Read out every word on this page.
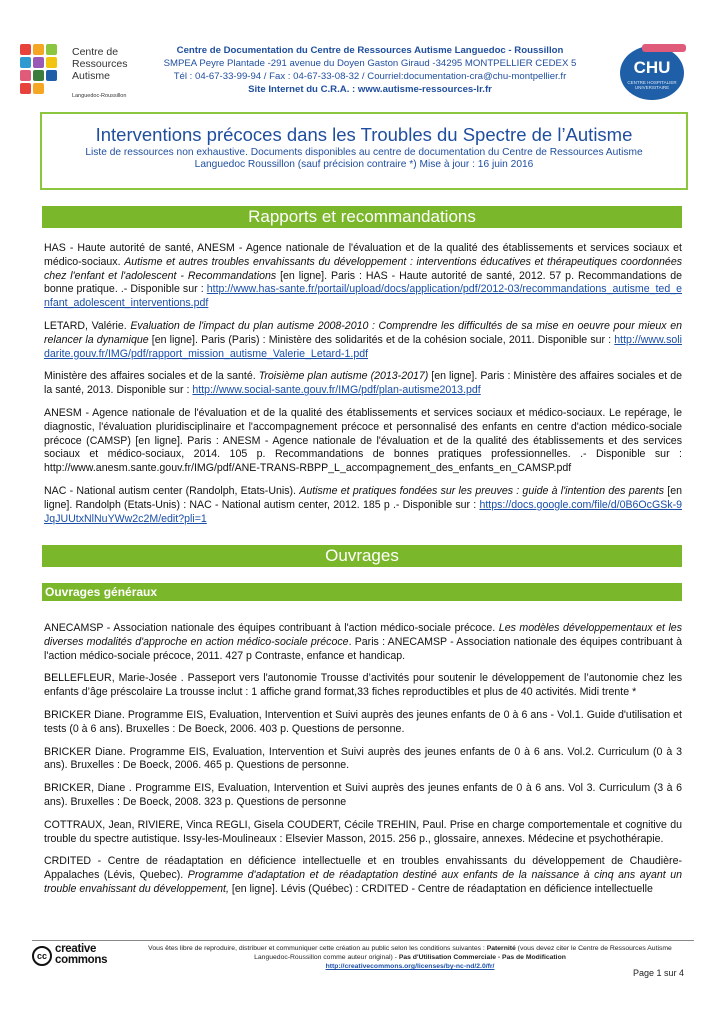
Centre de
Ressources
Autisme
Languedoc-Roussillon
Centre de Documentation du Centre de Ressources Autisme Languedoc - Roussillon
SMPEA Peyre Plantade -291 avenue du Doyen Gaston Giraud -34295 MONTPELLIER CEDEX 5
Tél : 04-67-33-99-94 / Fax : 04-67-33-08-32 / Courriel:documentation-cra@chu-montpellier.fr
Site Internet du C.R.A. : www.autisme-ressources-lr.fr
CHU
CENTRE HOSPITALIER UNIVERSITAIRE
Interventions précoces dans les Troubles du Spectre de l’Autisme
Liste de ressources non exhaustive. Documents disponibles au centre de documentation du Centre de Ressources Autisme Languedoc Roussillon (sauf précision contraire *) Mise à jour : 16 juin 2016
Rapports et recommandations
HAS - Haute autorité de santé, ANESM - Agence nationale de l'évaluation et de la qualité des établissements et services sociaux et médico-sociaux. Autisme et autres troubles envahissants du développement : interventions éducatives et thérapeutiques coordonnées chez l'enfant et l'adolescent - Recommandations [en ligne]. Paris : HAS - Haute autorité de santé, 2012. 57 p. Recommandations de bonne pratique. .- Disponible sur : http://www.has-sante.fr/portail/upload/docs/application/pdf/2012-03/recommandations_autisme_ted_enfant_adolescent_interventions.pdf
LETARD, Valérie. Evaluation de l'impact du plan autisme 2008-2010 : Comprendre les difficultés de sa mise en oeuvre pour mieux en relancer la dynamique [en ligne]. Paris (Paris) : Ministère des solidarités et de la cohésion sociale, 2011. Disponible sur : http://www.solidarite.gouv.fr/IMG/pdf/rapport_mission_autisme_Valerie_Letard-1.pdf
Ministère des affaires sociales et de la santé. Troisième plan autisme (2013-2017) [en ligne]. Paris : Ministère des affaires sociales et de la santé, 2013. Disponible sur : http://www.social-sante.gouv.fr/IMG/pdf/plan-autisme2013.pdf
ANESM - Agence nationale de l'évaluation et de la qualité des établissements et services sociaux et médico-sociaux. Le repérage, le diagnostic, l'évaluation pluridisciplinaire et l'accompagnement précoce et personnalisé des enfants en centre d'action médico-sociale précoce (CAMSP) [en ligne]. Paris : ANESM - Agence nationale de l'évaluation et de la qualité des établissements et des services sociaux et médico-sociaux, 2014. 105 p. Recommandations de bonnes pratiques professionnelles. .- Disponible sur : http://www.anesm.sante.gouv.fr/IMG/pdf/ANE-TRANS-RBPP_L_accompagnement_des_enfants_en_CAMSP.pdf
NAC - National autism center (Randolph, Etats-Unis). Autisme et pratiques fondées sur les preuves : guide à l'intention des parents [en ligne]. Randolph (Etats-Unis) : NAC - National autism center, 2012. 185 p .- Disponible sur : https://docs.google.com/file/d/0B6OcGSk-9JqJUUtxNlNuYWw2c2M/edit?pli=1
Ouvrages
Ouvrages généraux
ANECAMSP - Association nationale des équipes contribuant à l'action médico-sociale précoce. Les modèles développementaux et les diverses modalités d'approche en action médico-sociale précoce. Paris : ANECAMSP - Association nationale des équipes contribuant à l'action médico-sociale précoce, 2011. 427 p Contraste, enfance et handicap.
BELLEFLEUR, Marie-Josée . Passeport vers l'autonomie Trousse d’activités pour soutenir le développement de l’autonomie chez les enfants d’âge préscolaire La trousse inclut : 1 affiche grand format,33 fiches reproductibles et plus de 40 activités. Midi trente *
BRICKER Diane. Programme EIS, Evaluation, Intervention et Suivi auprès des jeunes enfants de 0 à 6 ans - Vol.1. Guide d'utilisation et tests (0 à 6 ans). Bruxelles : De Boeck, 2006. 403 p. Questions de personne.
BRICKER Diane. Programme EIS, Evaluation, Intervention et Suivi auprès des jeunes enfants de 0 à 6 ans. Vol.2. Curriculum (0 à 3 ans). Bruxelles : De Boeck, 2006. 465 p. Questions de personne.
BRICKER, Diane . Programme EIS, Evaluation, Intervention et Suivi auprès des jeunes enfants de 0 à 6 ans. Vol 3. Curriculum (3 à 6 ans). Bruxelles : De Boeck, 2008. 323 p. Questions de personne
COTTRAUX, Jean, RIVIERE, Vinca REGLI, Gisela COUDERT, Cécile TREHIN, Paul. Prise en charge comportementale et cognitive du trouble du spectre autistique. Issy-les-Moulineaux : Elsevier Masson, 2015. 256 p., glossaire, annexes. Médecine et psychothérapie.
CRDITED - Centre de réadaptation en déficience intellectuelle et en troubles envahissants du développement de Chaudière-Appalaches (Lévis, Quebec). Programme d'adaptation et de réadaptation destiné aux enfants de la naissance à cinq ans ayant un trouble envahissant du développement, [en ligne]. Lévis (Québec) : CRDITED - Centre de réadaptation en déficience intellectuelle
cc
creative
commons
Vous êtes libre de reproduire, distribuer et communiquer cette création au public selon les conditions suivantes : Paternité (vous devez citer le Centre de Ressources Autisme Languedoc-Roussillon comme auteur original) - Pas d'Utilisation Commerciale - Pas de Modification
http://creativecommons.org/licenses/by-nc-nd/2.0/fr/
Page 1 sur 4
